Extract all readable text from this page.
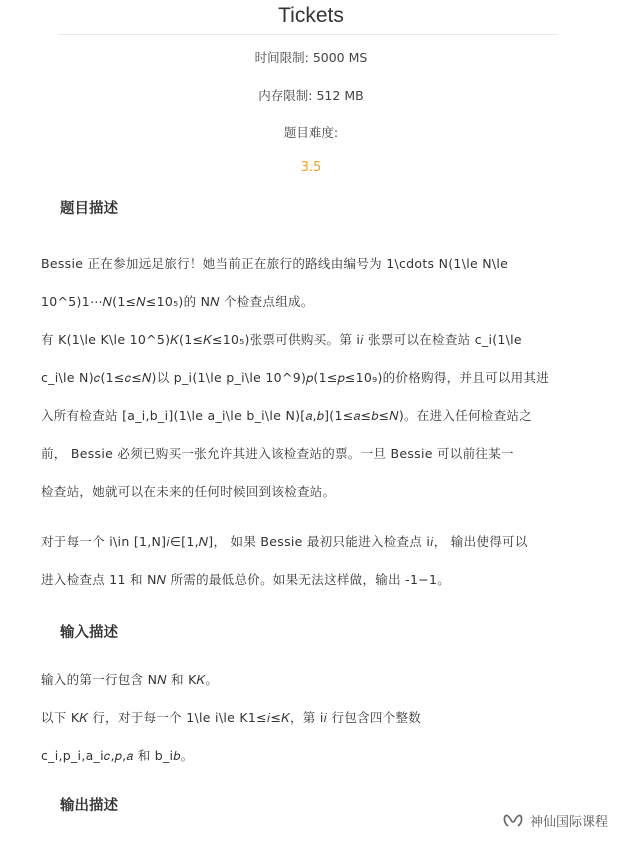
Tickets
时间限制: 5000 MS
内存限制: 512 MB
题目难度:
3.5
题目描述
Bessie 正在参加远足旅行！她当前正在旅行的路线由编号为 1\cdots N(1\le N\le
10^5)1⋯𝑁(1≤𝑁≤10₅)的 N𝑁 个检查点组成。
有 K(1\le K\le 10^5)𝐾(1≤𝐾≤10₅)张票可供购买。第 i𝑖 张票可以在检查站 c_i(1\le
c_i\le N)𝑐(1≤𝑐≤𝑁)以 p_i(1\le p_i\le 10^9)𝑝(1≤𝑝≤10₉)的价格购得，并且可以用其进
入所有检查站 [a_i,b_i](1\le a_i\le b_i\le N)[𝑎,𝑏](1≤𝑎≤𝑏≤𝑁)。在进入任何检查站之
前， Bessie 必须已购买一张允许其进入该检查站的票。一旦 Bessie 可以前往某一
检查站，她就可以在未来的任何时候回到该检查站。
对于每一个 i\in [1,N]𝑖∈[1,𝑁]， 如果 Bessie 最初只能进入检查点 i𝑖， 输出使得可以
进入检查点 11 和 N𝑁 所需的最低总价。如果无法这样做，输出 -1−1。
输入描述
输入的第一行包含 N𝑁 和 K𝐾。
以下 K𝐾 行，对于每一个 1\le i\le K1≤𝑖≤𝐾，第 i𝑖 行包含四个整数
c_i,p_i,a_i𝑐,𝑝,𝑎 和 b_i𝑏。
输出描述
神仙国际课程
